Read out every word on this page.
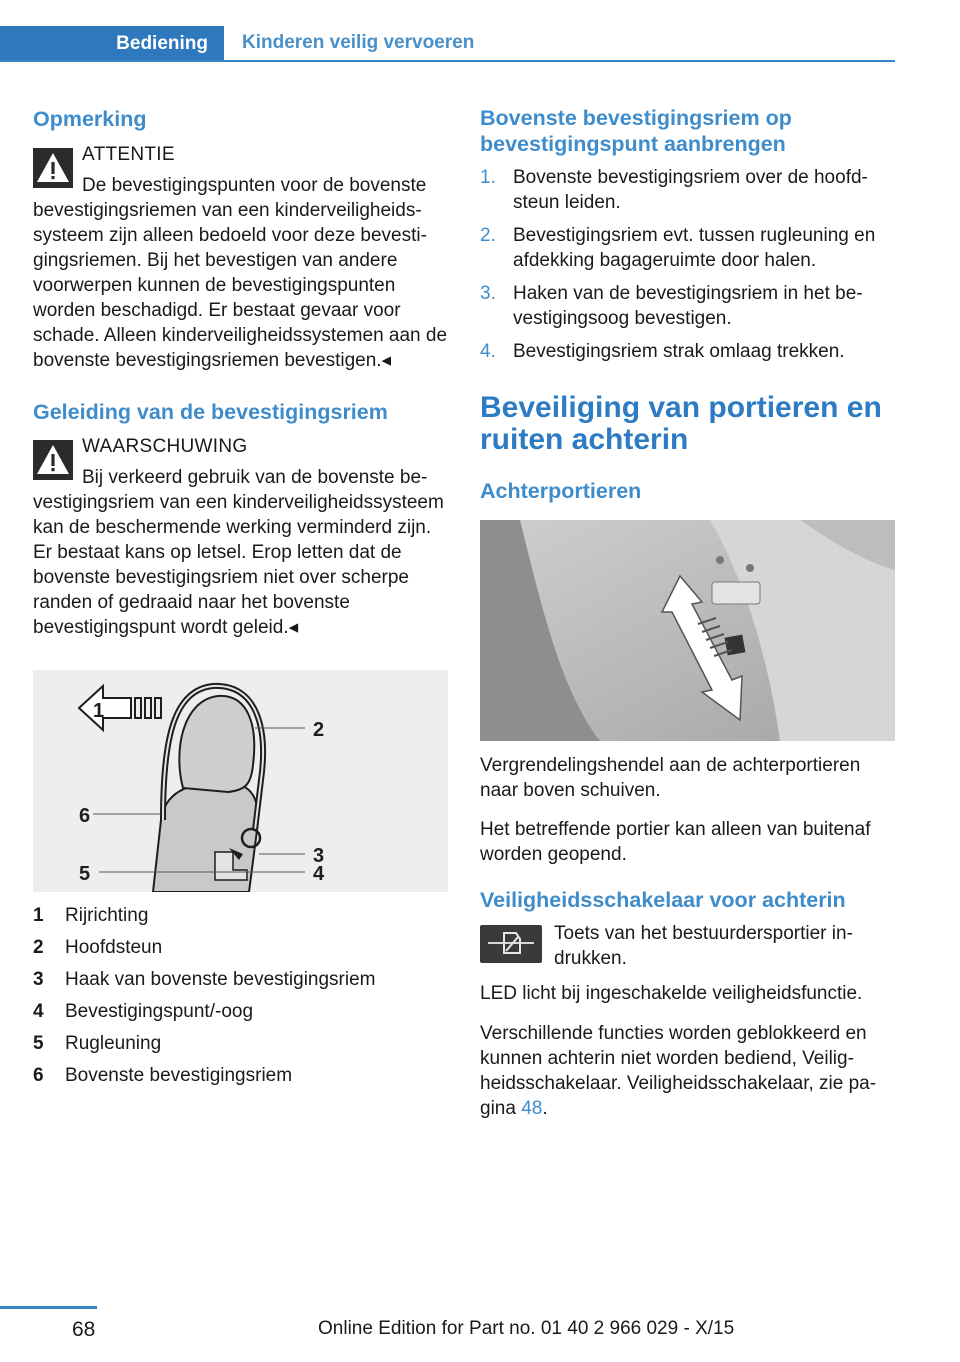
Bediening	Kinderen veilig vervoeren
Opmerking
ATTENTIE

De bevestigingspunten voor de bovenste bevestigingsriemen van een kinderveiligheidssysteem zijn alleen bedoeld voor deze bevestigingsriemen. Bij het bevestigen van andere voorwerpen kunnen de bevestigingspunten worden beschadigd. Er bestaat gevaar voor schade. Alleen kinderveiligheidssystemen aan de bovenste bevestigingsriemen bevestigen.◂

Geleiding van de bevestigingsriem
WAARSCHUWING

Bij verkeerd gebruik van de bovenste bevestigingsriem van een kinderveiligheidssysteem kan de beschermende werking verminderd zijn. Er bestaat kans op letsel. Erop letten dat de bovenste bevestigingsriem niet over scherpe randen of gedraaid naar het bovenste bevestigingspunt wordt geleid.◂

1
2
6
3
5	4
1	Rijrichting
2	Hoofdsteun
3	Haak van bovenste bevestigingsriem
4	Bevestigingspunt/-oog
5	Rugleuning
6	Bovenste bevestigingsriem
Bovenste bevestigingsriem op bevestigingspunt aanbrengen
1. Bovenste bevestigingsriem over de hoofdsteun leiden.
2. Bevestigingsriem evt. tussen rugleuning en afdekking bagageruimte door halen.
3. Haken van de bevestigingsriem in het bevestigingsoog bevestigen.
4. Bevestigingsriem strak omlaag trekken.
Beveiliging van portieren en ruiten achterin
Achterportieren

Vergrendelingshendel aan de achterportieren naar boven schuiven.

Het betreffende portier kan alleen van buitenaf worden geopend.

Veiligheidsschakelaar voor achterin

Toets van het bestuurdersportier indrukken.

LED licht bij ingeschakelde veiligheidsfunctie.

Verschillende functies worden geblokkeerd en kunnen achterin niet worden bediend, Veiligheidsschakelaar. Veiligheidsschakelaar, zie pagina 48.

68	Online Edition for Part no. 01 40 2 966 029 - X/15
